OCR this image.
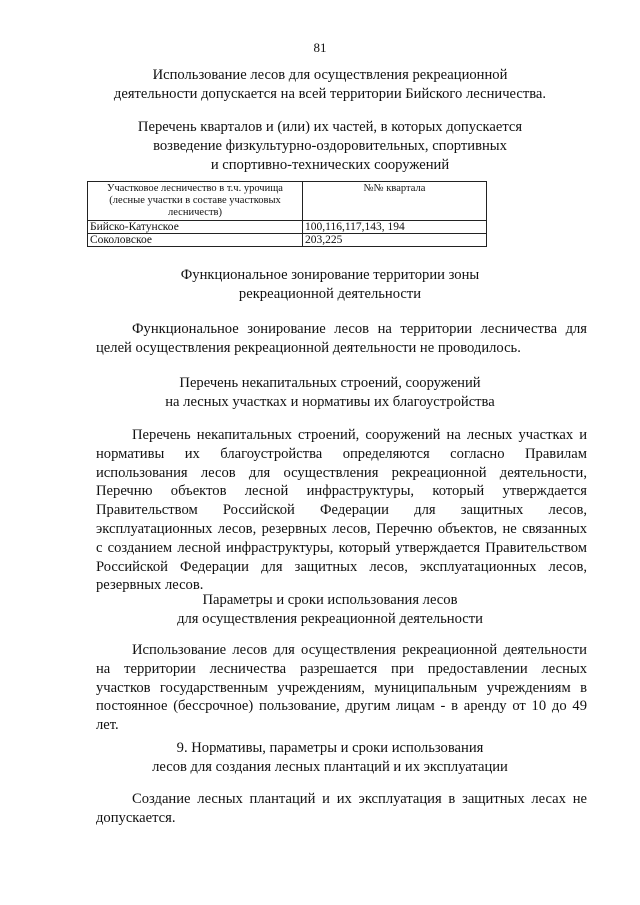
81
Использование лесов для осуществления рекреационной
деятельности допускается на всей территории Бийского лесничества.
Перечень кварталов и (или) их частей, в которых допускается
возведение физкультурно-оздоровительных, спортивных
и спортивно-технических сооружений
Участковое лесничество в т.ч. урочища (лесные участки в составе участковых лесничеств)	№№ квартала
Бийско-Катунское	100,116,117,143, 194
Соколовское	203,225
Функциональное зонирование территории зоны
рекреационной деятельности
Функциональное зонирование лесов на территории лесничества для
целей осуществления рекреационной деятельности не проводилось.
Перечень некапитальных строений, сооружений
на лесных участках и нормативы их благоустройства
Перечень некапитальных строений, сооружений на лесных участках и
нормативы их благоустройства определяются согласно Правилам
использования лесов для осуществления рекреационной деятельности,
Перечню объектов лесной инфраструктуры, который утверждается
Правительством Российской Федерации для защитных лесов,
эксплуатационных лесов, резервных лесов, Перечню объектов, не связанных
с созданием лесной инфраструктуры, который утверждается Правительством
Российской Федерации для защитных лесов, эксплуатационных лесов,
резервных лесов.
Параметры и сроки использования лесов
для осуществления рекреационной деятельности
Использование лесов для осуществления рекреационной деятельности
на территории лесничества разрешается при предоставлении лесных
участков государственным учреждениям, муниципальным учреждениям в
постоянное (бессрочное) пользование, другим лицам - в аренду от 10 до 49
лет.
9. Нормативы, параметры и сроки использования
лесов для создания лесных плантаций и их эксплуатации
Создание лесных плантаций и их эксплуатация в защитных лесах не
допускается.
